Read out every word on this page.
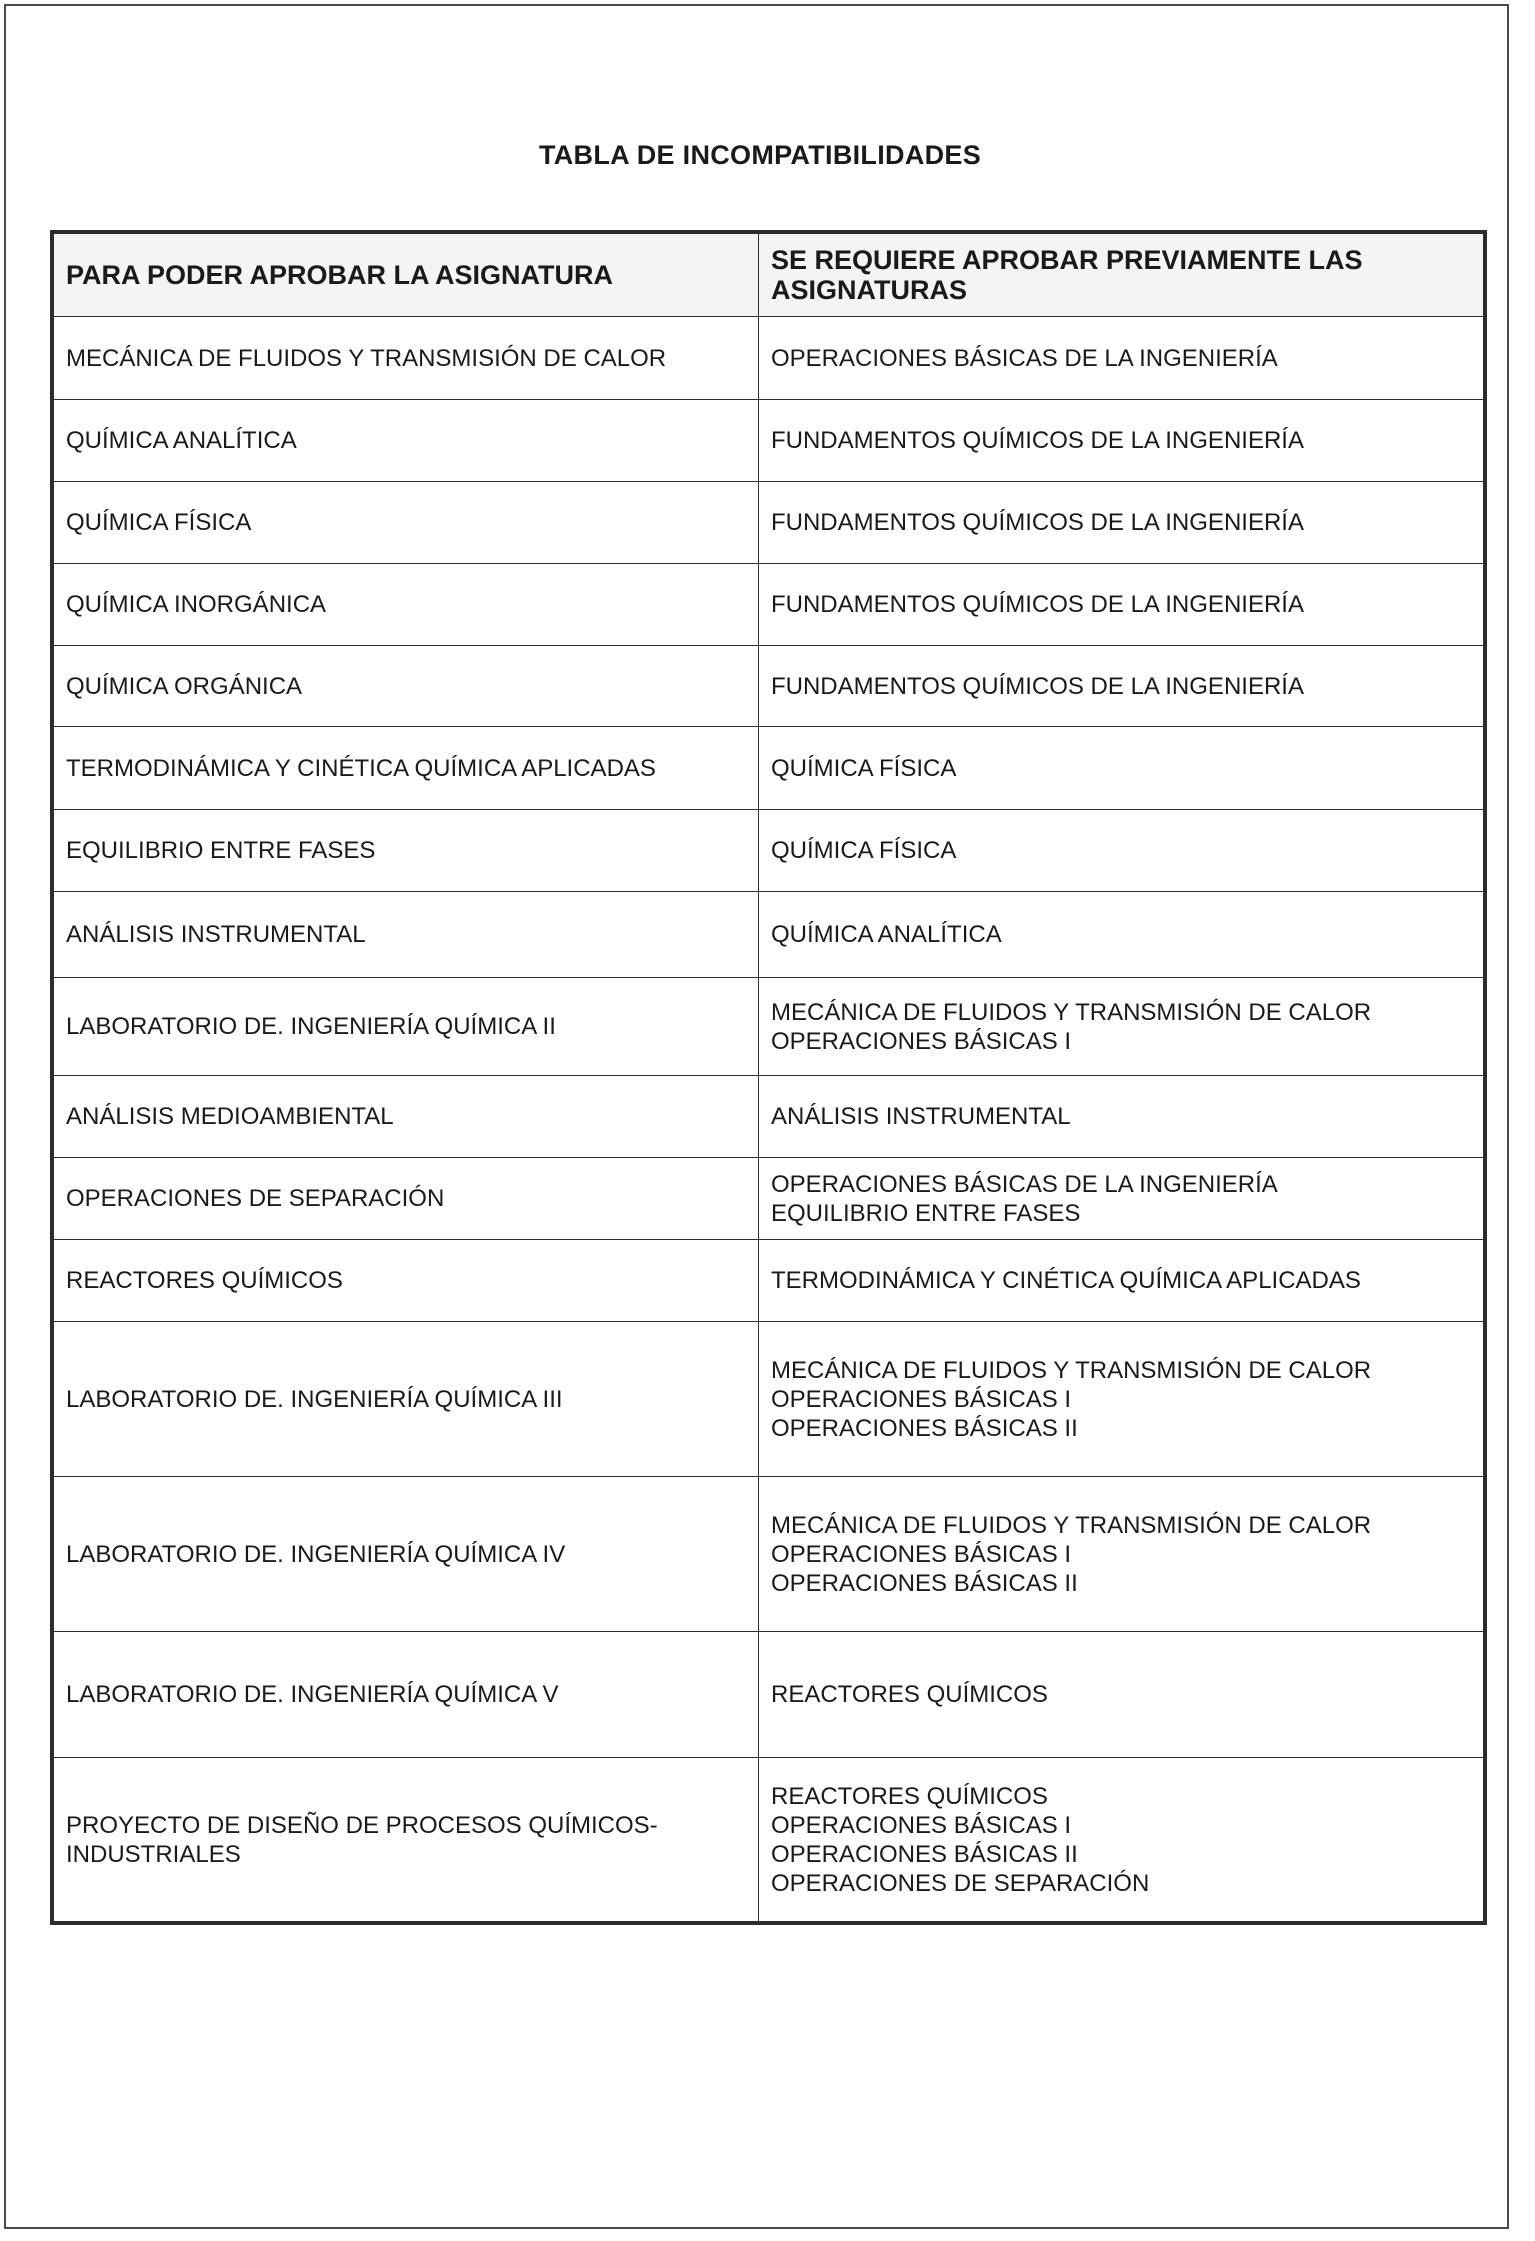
TABLA DE INCOMPATIBILIDADES
PARA PODER APROBAR LA ASIGNATURA	SE REQUIERE APROBAR PREVIAMENTE LAS ASIGNATURAS
MECÁNICA DE FLUIDOS Y TRANSMISIÓN DE CALOR	OPERACIONES BÁSICAS DE LA INGENIERÍA

QUÍMICA ANALÍTICA	FUNDAMENTOS QUÍMICOS DE LA INGENIERÍA

QUÍMICA FÍSICA	FUNDAMENTOS QUÍMICOS DE LA INGENIERÍA

QUÍMICA INORGÁNICA	FUNDAMENTOS QUÍMICOS DE LA INGENIERÍA

QUÍMICA ORGÁNICA	FUNDAMENTOS QUÍMICOS DE LA INGENIERÍA

TERMODINÁMICA Y CINÉTICA QUÍMICA APLICADAS	QUÍMICA FÍSICA

EQUILIBRIO ENTRE FASES	QUÍMICA FÍSICA

ANÁLISIS INSTRUMENTAL	QUÍMICA ANALÍTICA

LABORATORIO DE. INGENIERÍA QUÍMICA II	MECÁNICA DE FLUIDOS Y TRANSMISIÓN DE CALOR
OPERACIONES BÁSICAS I

ANÁLISIS MEDIOAMBIENTAL	ANÁLISIS INSTRUMENTAL

OPERACIONES DE SEPARACIÓN	OPERACIONES BÁSICAS DE LA INGENIERÍA
EQUILIBRIO ENTRE FASES

REACTORES QUÍMICOS	TERMODINÁMICA Y CINÉTICA QUÍMICA APLICADAS

LABORATORIO DE. INGENIERÍA QUÍMICA III	MECÁNICA DE FLUIDOS Y TRANSMISIÓN DE CALOR
OPERACIONES BÁSICAS I
OPERACIONES BÁSICAS II

LABORATORIO DE. INGENIERÍA QUÍMICA IV	MECÁNICA DE FLUIDOS Y TRANSMISIÓN DE CALOR
OPERACIONES BÁSICAS I
OPERACIONES BÁSICAS II

LABORATORIO DE. INGENIERÍA QUÍMICA V	REACTORES QUÍMICOS

PROYECTO DE DISEÑO DE PROCESOS QUÍMICOS-INDUSTRIALES	REACTORES QUÍMICOS
OPERACIONES BÁSICAS I
OPERACIONES BÁSICAS II
OPERACIONES DE SEPARACIÓN
